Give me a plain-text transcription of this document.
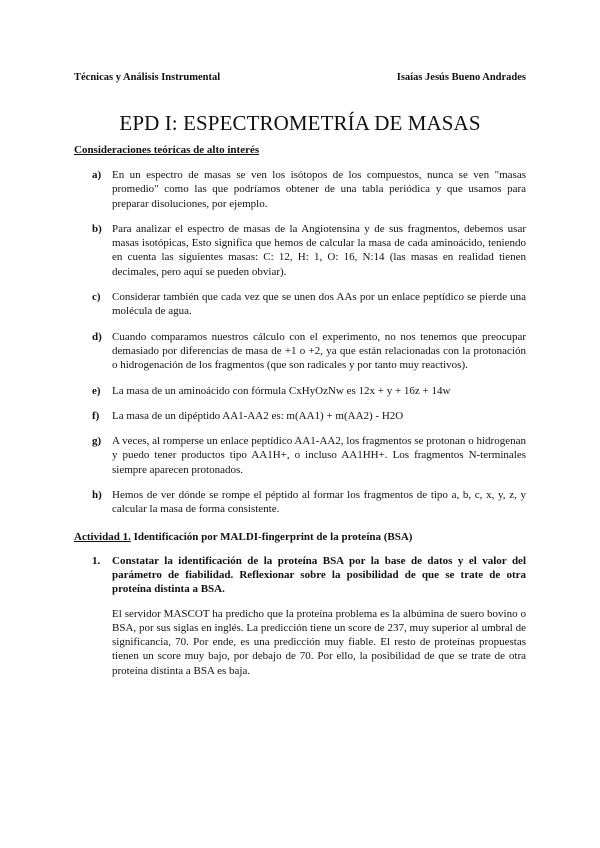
Técnicas y Análisis Instrumental	Isaías Jesús Bueno Andrades
EPD I: ESPECTROMETRÍA DE MASAS
Consideraciones teóricas de alto interés
a) En un espectro de masas se ven los isótopos de los compuestos, nunca se ven "masas promedio" como las que podríamos obtener de una tabla periódica y que usamos para preparar disoluciones, por ejemplo.
b) Para analizar el espectro de masas de la Angiotensina y de sus fragmentos, debemos usar masas isotópicas, Esto significa que hemos de calcular la masa de cada aminoácido, teniendo en cuenta las siguientes masas: C: 12, H: 1, O: 16, N:14 (las masas en realidad tienen decimales, pero aquí se pueden obviar).
c)	Considerar también que cada vez que se unen dos AAs por un enlace peptídico se pierde una molécula de agua.
d) Cuando comparamos nuestros cálculo con el experimento, no nos tenemos que preocupar demasiado por diferencias de masa de +1 o +2, ya que están relacionadas con la protonación o hidrogenación de los fragmentos (que son radicales y por tanto muy reactivos).
e)	La masa de un aminoácido con fórmula CxHyOzNw es 12x + y + 16z + 14w
f)	La masa de un dipéptido AA1-AA2 es: m(AA1) + m(AA2) - H2O
g) A veces, al romperse un enlace peptídico AA1-AA2, los fragmentos se protonan o hidrogenan y puedo tener productos tipo AA1H+, o incluso AA1HH+. Los fragmentos N-terminales siempre aparecen protonados.
h) Hemos de ver dónde se rompe el péptido al formar los fragmentos de tipo a, b, c, x, y, z, y calcular la masa de forma consistente.
Actividad 1. Identificación por MALDI-fingerprint de la proteína (BSA)
1.	Constatar la identificación de la proteína BSA por la base de datos y el valor del parámetro de fiabilidad. Reflexionar sobre la posibilidad de que se trate de otra proteína distinta a BSA.

El servidor MASCOT ha predicho que la proteína problema es la albúmina de suero bovino o BSA, por sus siglas en inglés. La predicción tiene un score de 237, muy superior al umbral de significancia, 70. Por ende, es una predicción muy fiable. El resto de proteínas propuestas tienen un score muy bajo, por debajo de 70. Por ello, la posibilidad de que se trate de otra proteína distinta a BSA es baja.
